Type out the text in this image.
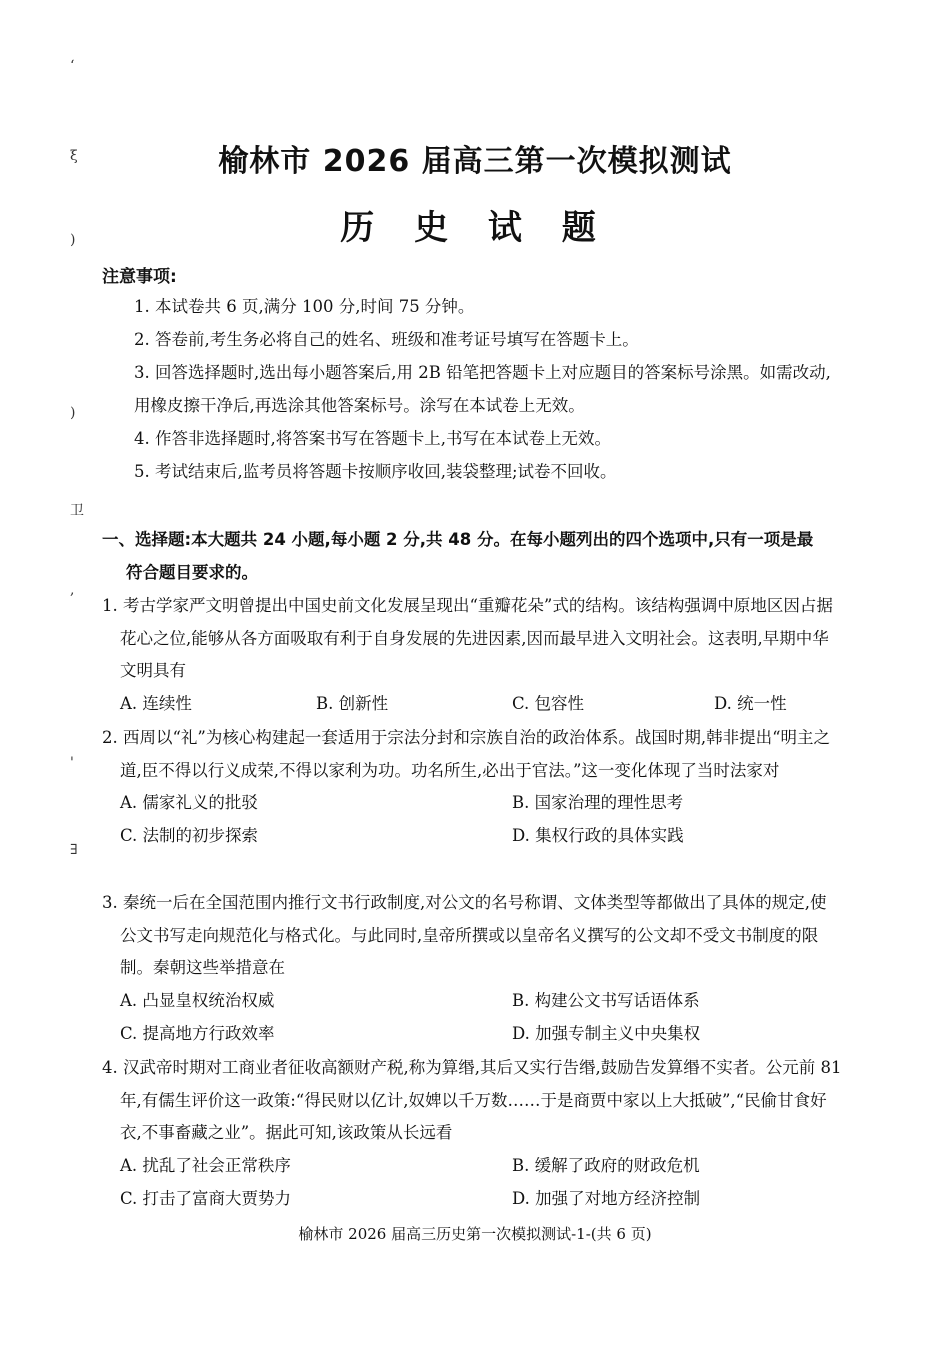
‘
ξ
)
)
卫
,
'
∃
榆林市 2026 届高三第一次模拟测试
历 史 试 题
注意事项:

1. 本试卷共 6 页,满分 100 分,时间 75 分钟。

2. 答卷前,考生务必将自己的姓名、班级和准考证号填写在答题卡上。

3. 回答选择题时,选出每小题答案后,用 2B 铅笔把答题卡上对应题目的答案标号涂黑。如需改动,用橡皮擦干净后,再选涂其他答案标号。涂写在本试卷上无效。

4. 作答非选择题时,将答案书写在答题卡上,书写在本试卷上无效。

5. 考试结束后,监考员将答题卡按顺序收回,装袋整理;试卷不回收。

一、选择题:本大题共 24 小题,每小题 2 分,共 48 分。在每小题列出的四个选项中,只有一项是最
符合题目要求的。

1. 考古学家严文明曾提出中国史前文化发展呈现出“重瓣花朵”式的结构。该结构强调中原地区因占据花心之位,能够从各方面吸取有利于自身发展的先进因素,因而最早进入文明社会。这表明,早期中华文明具有

A. 连续性	B. 创新性	C. 包容性	D. 统一性

2. 西周以“礼”为核心构建起一套适用于宗法分封和宗族自治的政治体系。战国时期,韩非提出“明主之道,臣不得以行义成荣,不得以家利为功。功名所生,必出于官法。”这一变化体现了当时法家对

A. 儒家礼义的批驳	B. 国家治理的理性思考
C. 法制的初步探索	D. 集权行政的具体实践

3. 秦统一后在全国范围内推行文书行政制度,对公文的名号称谓、文体类型等都做出了具体的规定,使公文书写走向规范化与格式化。与此同时,皇帝所撰或以皇帝名义撰写的公文却不受文书制度的限制。秦朝这些举措意在

A. 凸显皇权统治权威	B. 构建公文书写话语体系
C. 提高地方行政效率	D. 加强专制主义中央集权

4. 汉武帝时期对工商业者征收高额财产税,称为算缗,其后又实行告缗,鼓励告发算缗不实者。公元前 81 年,有儒生评价这一政策:“得民财以亿计,奴婢以千万数……于是商贾中家以上大抵破”,“民偷甘食好衣,不事畜藏之业”。据此可知,该政策从长远看

A. 扰乱了社会正常秩序	B. 缓解了政府的财政危机
C. 打击了富商大贾势力	D. 加强了对地方经济控制
榆林市 2026 届高三历史第一次模拟测试-1-(共 6 页)
